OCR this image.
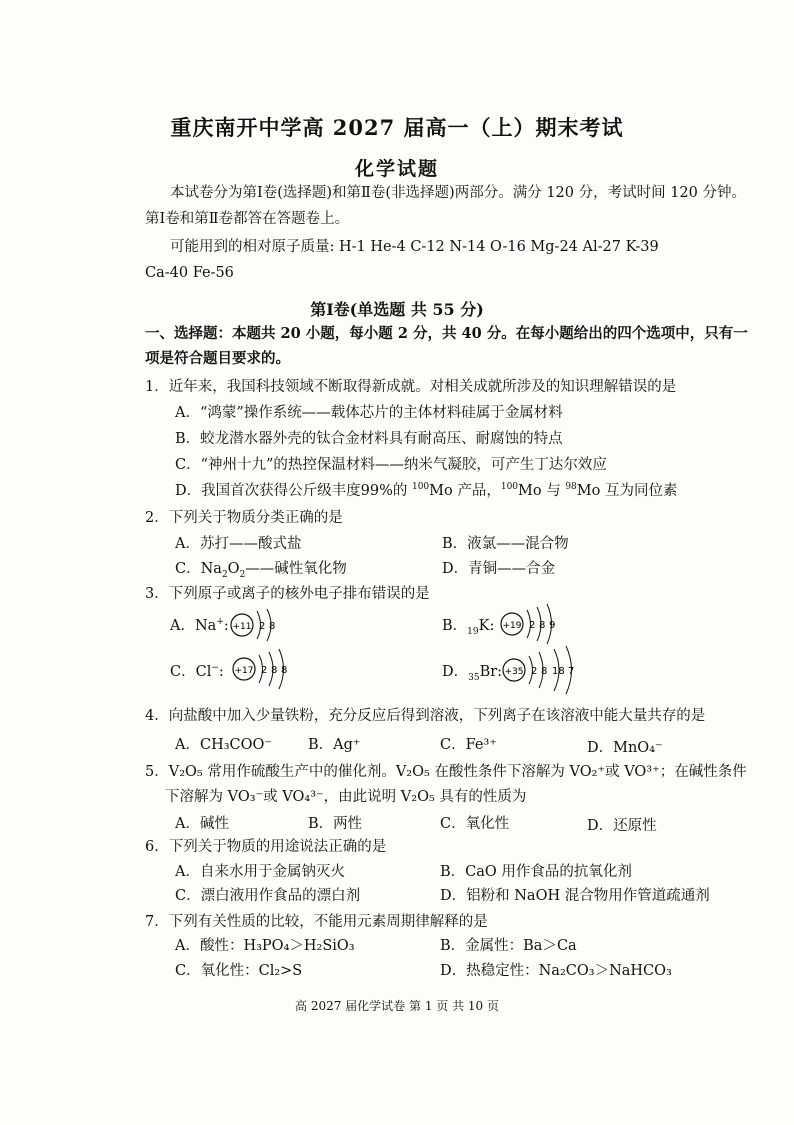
重庆南开中学高 2027 届高一（上）期末考试
化学试题
本试卷分为第Ⅰ卷(选择题)和第Ⅱ卷(非选择题)两部分。满分 120 分，考试时间 120 分钟。
第Ⅰ卷和第Ⅱ卷都答在答题卷上。
可能用到的相对原子质量: H-1 He-4 C-12 N-14 O-16 Mg-24 Al-27 K-39
Ca-40 Fe-56
第Ⅰ卷(单选题 共 55 分)
一、选择题：本题共 20 小题，每小题 2 分，共 40 分。在每小题给出的四个选项中，只有一
项是符合题目要求的。
1．近年来，我国科技领域不断取得新成就。对相关成就所涉及的知识理解错误的是
A．“鸿蒙”操作系统——载体芯片的主体材料硅属于金属材料
B．蛟龙潜水器外壳的钛合金材料具有耐高压、耐腐蚀的特点
C．“神州十九”的热控保温材料——纳米气凝胶，可产生丁达尔效应
D．我国首次获得公斤级丰度99%的 $^{100}$Mo 产品，$^{100}$Mo 与 $^{98}$Mo 互为同位素
2．下列关于物质分类正确的是
A．苏打——酸式盐	B．液氯——混合物
C．$Na_2O_2——$碱性氧化物	D．青铜——合金
3．下列原子或离子的核外电子排布错误的是
A．Na+: +11 2 8	B．$_{19}$K: +19 2 8 9
C．Cl−: +17 2 8 8	D．$_{35}$Br: +35 2 8 18 7
4．向盐酸中加入少量铁粉，充分反应后得到溶液，下列离子在该溶液中能大量共存的是
A．CH₃COO⁻ B．Ag⁺	C．Fe³⁺	D．MnO₄⁻
5．V₂O₅ 常用作硫酸生产中的催化剂。V₂O₅ 在酸性条件下溶解为 VO₂⁺或 VO³⁺；在碱性条件
下溶解为 VO₃⁻或 VO₄³⁻，由此说明 V₂O₅ 具有的性质为
A．碱性	B．两性	C．氧化性	D．还原性
6．下列关于物质的用途说法正确的是
A．自来水用于金属钠灭火	B．CaO 用作食品的抗氧化剂
C．漂白液用作食品的漂白剂	D．铝粉和 NaOH 混合物用作管道疏通剂
7．下列有关性质的比较，不能用元素周期律解释的是
A．酸性：H₃PO₄＞H₂SiO₃	B．金属性：Ba＞Ca
C．氧化性：Cl₂>S	D．热稳定性：Na₂CO₃＞NaHCO₃
高 2027 届化学试卷 第 1 页 共 10 页
